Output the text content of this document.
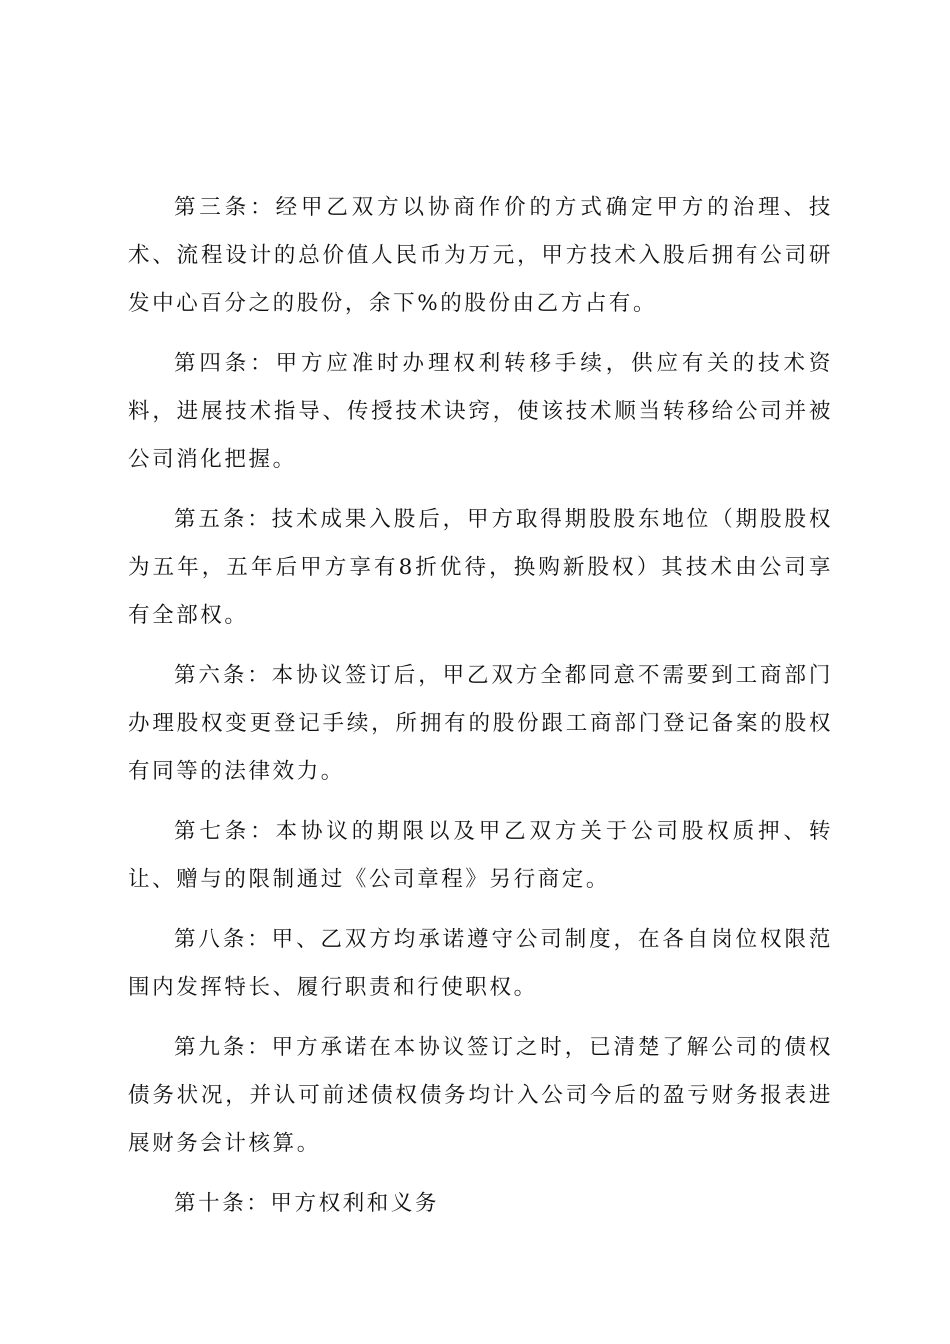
第三条：经甲乙双方以协商作价的方式确定甲方的治理、技术、流程设计的总价值人民币为万元，甲方技术入股后拥有公司研发中心百分之的股份，余下%的股份由乙方占有。

第四条：甲方应准时办理权利转移手续，供应有关的技术资料，进展技术指导、传授技术诀窍，使该技术顺当转移给公司并被公司消化把握。

第五条：技术成果入股后，甲方取得期股股东地位（期股股权为五年，五年后甲方享有8折优待，换购新股权）其技术由公司享有全部权。

第六条：本协议签订后，甲乙双方全都同意不需要到工商部门办理股权变更登记手续，所拥有的股份跟工商部门登记备案的股权有同等的法律效力。

第七条：本协议的期限以及甲乙双方关于公司股权质押、转让、赠与的限制通过《公司章程》另行商定。

第八条：甲、乙双方均承诺遵守公司制度，在各自岗位权限范围内发挥特长、履行职责和行使职权。

第九条：甲方承诺在本协议签订之时，已清楚了解公司的债权债务状况，并认可前述债权债务均计入公司今后的盈亏财务报表进展财务会计核算。

第十条：甲方权利和义务
